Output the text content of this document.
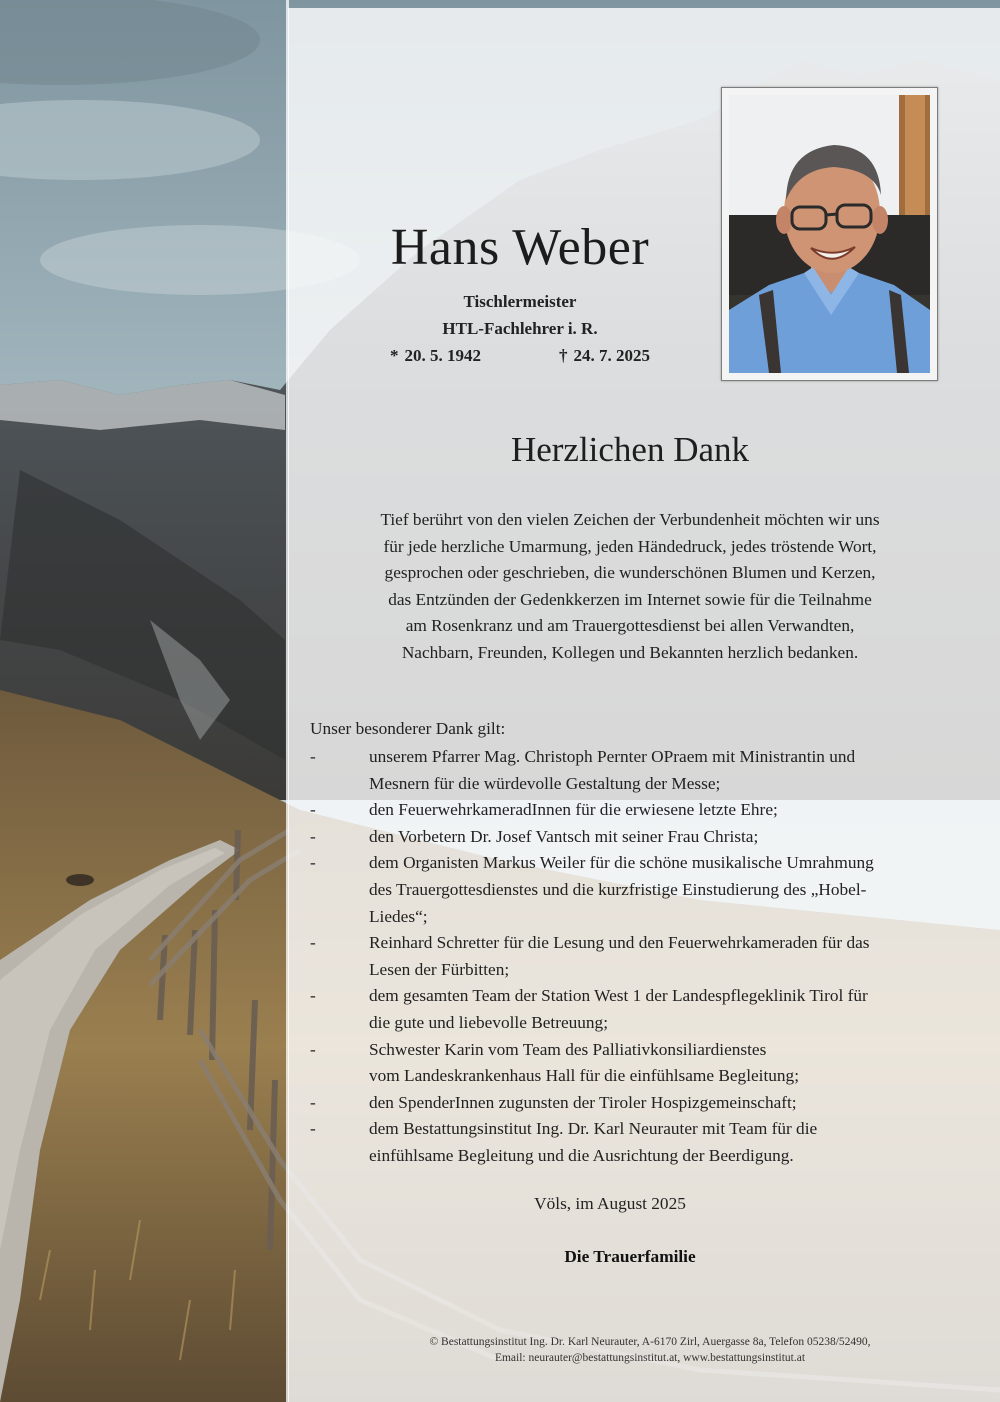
Hans Weber
Tischlermeister
HTL-Fachlehrer i. R.
* 20. 5. 1942	† 24. 7. 2025
Herzlichen Dank
Tief berührt von den vielen Zeichen der Verbundenheit möchten wir uns
für jede herzliche Umarmung, jeden Händedruck, jedes tröstende Wort,
gesprochen oder geschrieben, die wunderschönen Blumen und Kerzen,
das Entzünden der Gedenkkerzen im Internet sowie für die Teilnahme
am Rosenkranz und am Trauergottesdienst bei allen Verwandten,
Nachbarn, Freunden, Kollegen und Bekannten herzlich bedanken.
Unser besonderer Dank gilt:
-	unserem Pfarrer Mag. Christoph Pernter OPraem mit Ministrantin und
Mesnern für die würdevolle Gestaltung der Messe;
-	den FeuerwehrkameradInnen für die erwiesene letzte Ehre;
-	den Vorbetern Dr. Josef Vantsch mit seiner Frau Christa;
-	dem Organisten Markus Weiler für die schöne musikalische Umrahmung
des Trauergottesdienstes und die kurzfristige Einstudierung des „Hobel-
Liedes“;
-	Reinhard Schretter für die Lesung und den Feuerwehrkameraden für das
Lesen der Fürbitten;
-	dem gesamten Team der Station West 1 der Landespflegeklinik Tirol für
die gute und liebevolle Betreuung;
-	Schwester Karin vom Team des Palliativkonsiliardienstes
vom Landeskrankenhaus Hall für die einfühlsame Begleitung;
-	den SpenderInnen zugunsten der Tiroler Hospizgemeinschaft;
-	dem Bestattungsinstitut Ing. Dr. Karl Neurauter mit Team für die
einfühlsame Begleitung und die Ausrichtung der Beerdigung.
Völs, im August 2025
Die Trauerfamilie
© Bestattungsinstitut Ing. Dr. Karl Neurauter, A-6170 Zirl, Auergasse 8a, Telefon 05238/52490,
Email: neurauter@bestattungsinstitut.at, www.bestattungsinstitut.at
